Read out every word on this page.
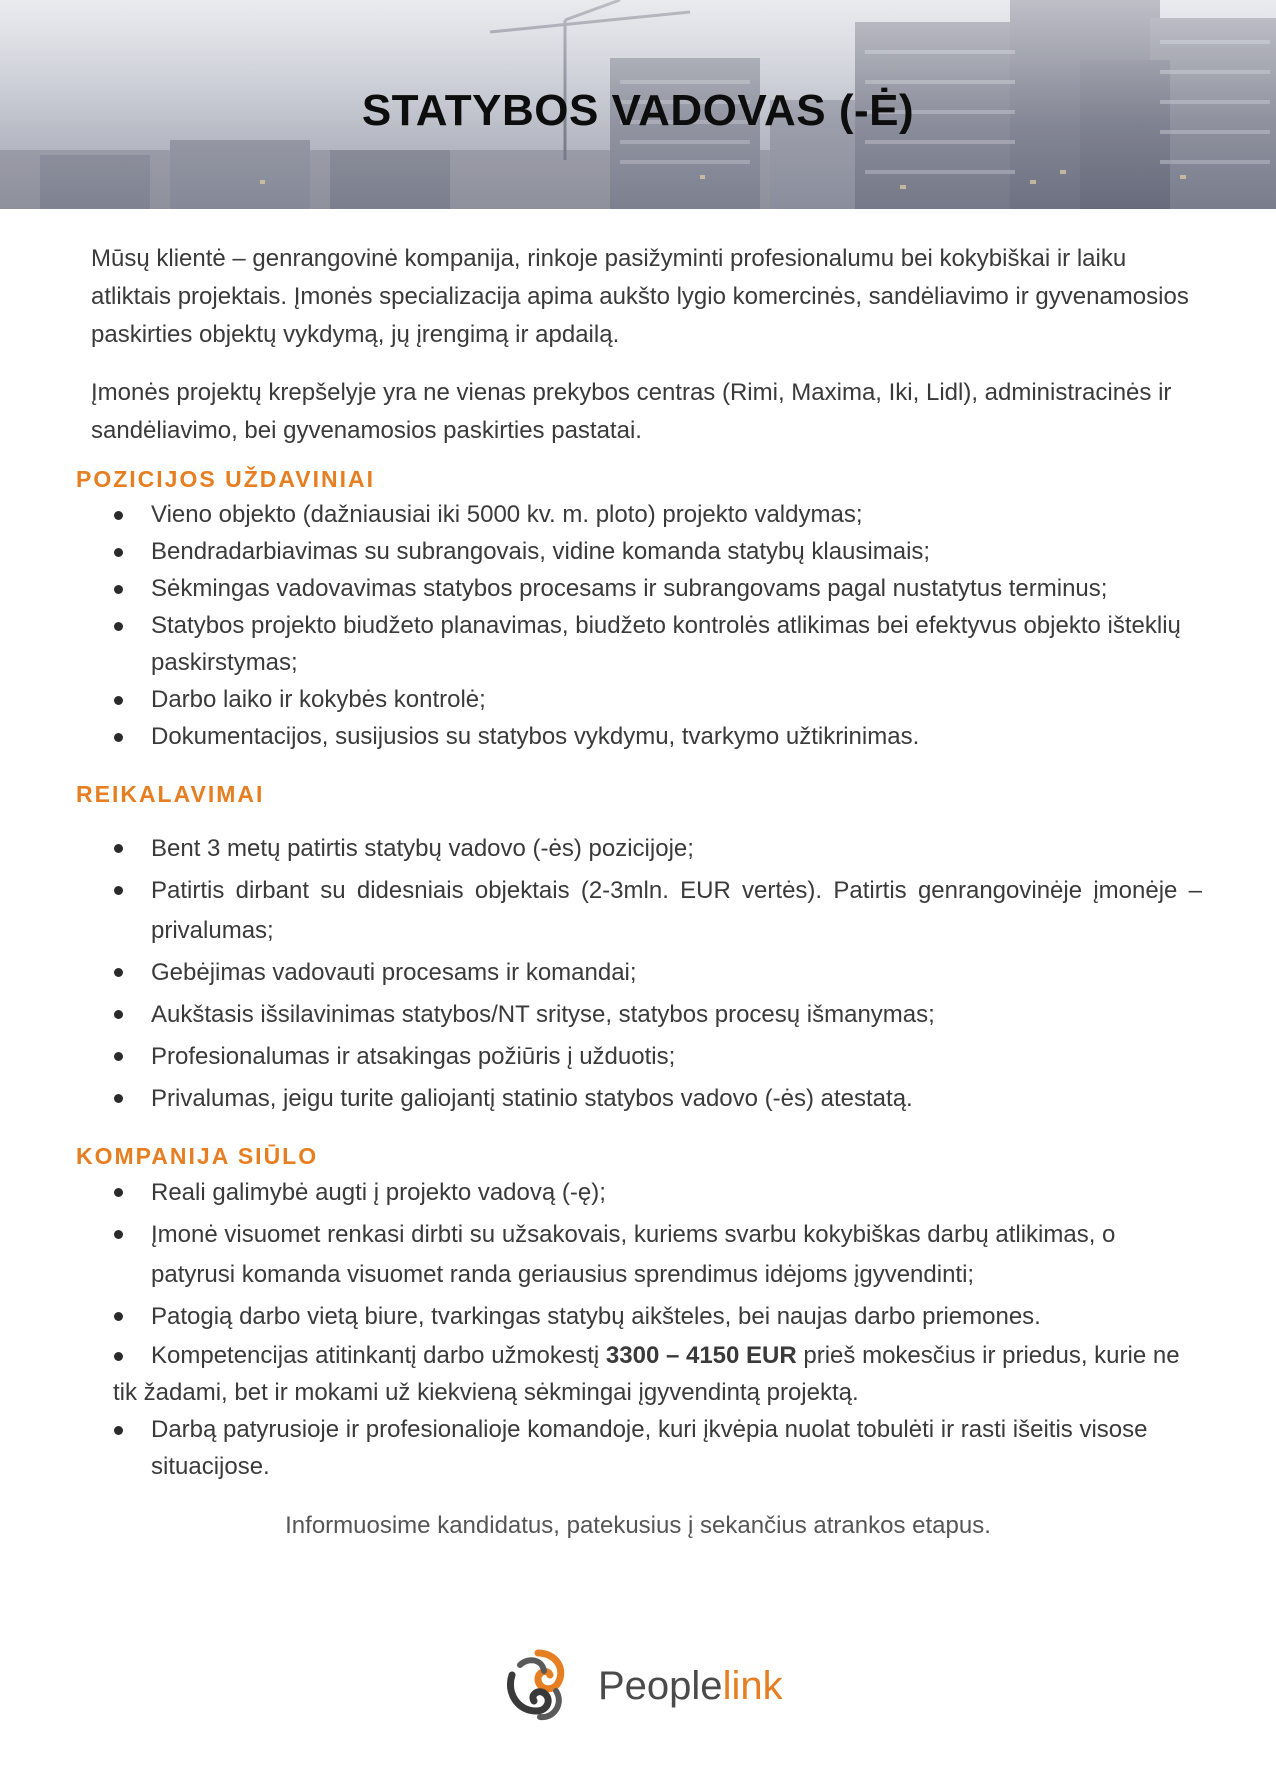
STATYBOS VADOVAS (-Ė)

Mūsų klientė – genrangovinė kompanija, rinkoje pasižyminti profesionalumu bei kokybiškai ir laiku atliktais projektais. Įmonės specializacija apima aukšto lygio komercinės, sandėliavimo ir gyvenamosios paskirties objektų vykdymą, jų įrengimą ir apdailą.

Įmonės projektų krepšelyje yra ne vienas prekybos centras (Rimi, Maxima, Iki, Lidl), administracinės ir sandėliavimo, bei gyvenamosios paskirties pastatai.

POZICIJOS UŽDAVINIAI
Vieno objekto (dažniausiai iki 5000 kv. m. ploto) projekto valdymas;
Bendradarbiavimas su subrangovais, vidine komanda statybų klausimais;
Sėkmingas vadovavimas statybos procesams ir subrangovams pagal nustatytus terminus;
Statybos projekto biudžeto planavimas, biudžeto kontrolės atlikimas bei efektyvus objekto išteklių paskirstymas;
Darbo laiko ir kokybės kontrolė;
Dokumentacijos, susijusios su statybos vykdymu, tvarkymo užtikrinimas.
REIKALAVIMAI
Bent 3 metų patirtis statybų vadovo (-ės) pozicijoje;
Patirtis dirbant su didesniais objektais (2-3mln. EUR vertės). Patirtis genrangovinėje įmonėje – privalumas;
Gebėjimas vadovauti procesams ir komandai;
Aukštasis išsilavinimas statybos/NT srityse, statybos procesų išmanymas;
Profesionalumas ir atsakingas požiūris į užduotis;
Privalumas, jeigu turite galiojantį statinio statybos vadovo (-ės) atestatą.
KOMPANIJA SIŪLO
Reali galimybė augti į projekto vadovą (-ę);
Įmonė visuomet renkasi dirbti su užsakovais, kuriems svarbu kokybiškas darbų atlikimas, o patyrusi komanda visuomet randa geriausius sprendimus idėjoms įgyvendinti;
Patogią darbo vietą biure, tvarkingas statybų aikšteles, bei naujas darbo priemones.
Kompetencijas atitinkantį darbo užmokestį 3300 – 4150 EUR prieš mokesčius ir priedus, kurie ne tik žadami, bet ir mokami už kiekvieną sėkmingai įgyvendintą projektą.
Darbą patyrusioje ir profesionalioje komandoje, kuri įkvėpia nuolat tobulėti ir rasti išeitis visose situacijose.
Informuosime kandidatus, patekusius į sekančius atrankos etapus.
Peoplelink
